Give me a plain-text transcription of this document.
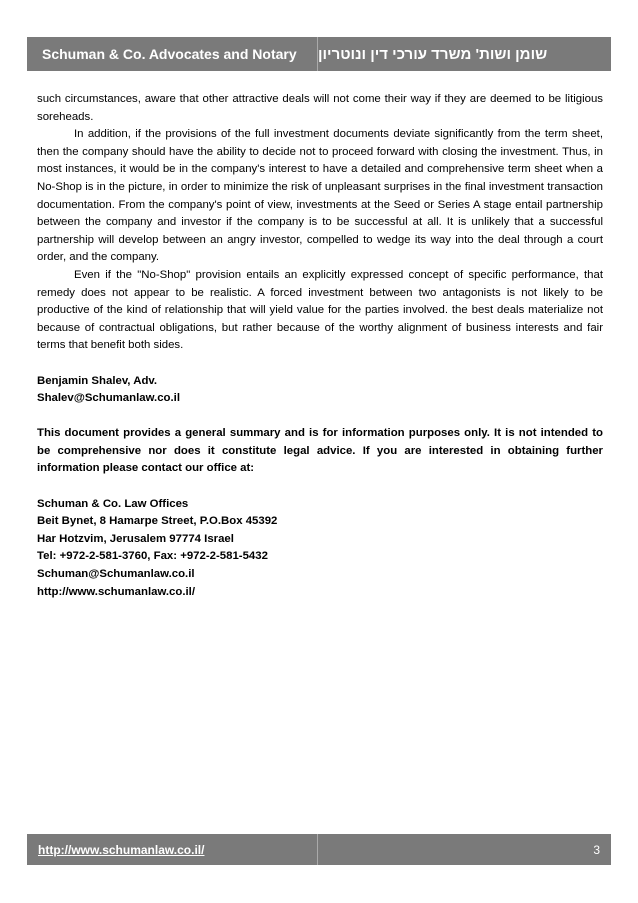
Schuman & Co. Advocates and Notary	שומן ושות' משרד עורכי דין ונוטריון

such circumstances, aware that other attractive deals will not come their way if they are deemed to be litigious soreheads.

In addition, if the provisions of the full investment documents deviate significantly from the term sheet, then the company should have the ability to decide not to proceed forward with closing the investment. Thus, in most instances, it would be in the company's interest to have a detailed and comprehensive term sheet when a No-Shop is in the picture, in order to minimize the risk of unpleasant surprises in the final investment transaction documentation. From the company's point of view, investments at the Seed or Series A stage entail partnership between the company and investor if the company is to be successful at all. It is unlikely that a successful partnership will develop between an angry investor, compelled to wedge its way into the deal through a court order, and the company.

Even if the "No-Shop" provision entails an explicitly expressed concept of specific performance, that remedy does not appear to be realistic. A forced investment between two antagonists is not likely to be productive of the kind of relationship that will yield value for the parties involved. the best deals materialize not because of contractual obligations, but rather because of the worthy alignment of business interests and fair terms that benefit both sides.

Benjamin Shalev, Adv.

Shalev@Schumanlaw.co.il

This document provides a general summary and is for information purposes only. It is not intended to be comprehensive nor does it constitute legal advice. If you are interested in obtaining further information please contact our office at:

Schuman & Co. Law Offices

Beit Bynet, 8 Hamarpe Street, P.O.Box 45392

Har Hotzvim, Jerusalem 97774 Israel

Tel: +972-2-581-3760, Fax: +972-2-581-5432

Schuman@Schumanlaw.co.il

http://www.schumanlaw.co.il/

http://www.schumanlaw.co.il/	3
